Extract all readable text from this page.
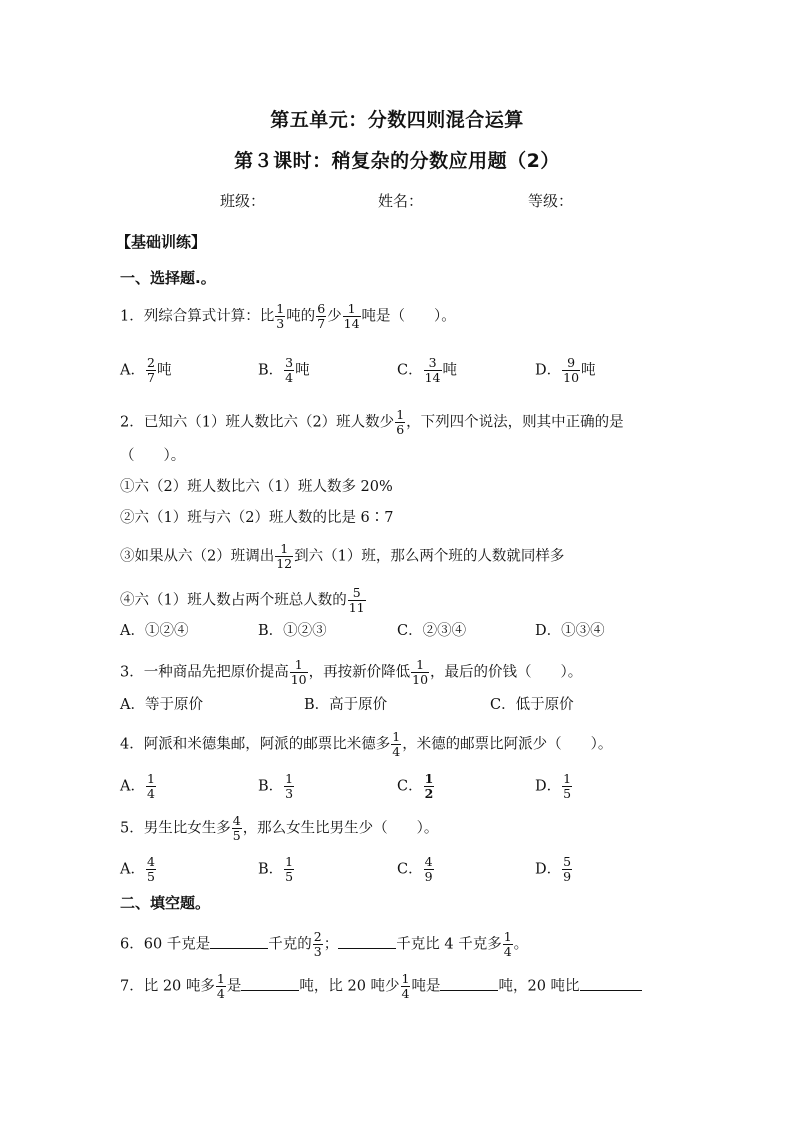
第五单元：分数四则混合运算
第３课时：稍复杂的分数应用题（2）
班级：	姓名：	等级：
【基础训练】
一、选择题.。
1．列综合算式计算：比 $\frac{1}{3}$ 吨的 $\frac{6}{7}$ 少 $\frac{1}{14}$ 吨是（　　）。
A． $\frac{2}{7}$ 吨	B． $\frac{3}{4}$ 吨	C． $\frac{3}{14}$ 吨	D． $\frac{9}{10}$ 吨
2．已知六（1）班人数比六（2）班人数少 $\frac{1}{6}$ ，下列四个说法，则其中正确的是
（　　）。
①六（2）班人数比六（1）班人数多 20%
②六（1）班与六（2）班人数的比是 6∶7
③如果从六（2）班调出 $\frac{1}{12}$ 到六（1）班，那么两个班的人数就同样多
④六（1）班人数占两个班总人数的 $\frac{5}{11}$
A．①②④	B．①②③	C．②③④	D．①③④
3．一种商品先把原价提高 $\frac{1}{10}$ ，再按新价降低 $\frac{1}{10}$ ，最后的价钱（　　）。
A．等于原价	B．高于原价	C．低于原价
4．阿派和米德集邮，阿派的邮票比米德多 $\frac{1}{4}$ ，米德的邮票比阿派少（　　）。
A． $\frac{1}{4}$	B． $\frac{1}{3}$	C． $\frac{1}{2}$	D． $\frac{1}{5}$
5．男生比女生多 $\frac{4}{5}$ ，那么女生比男生少（　　）。
A． $\frac{4}{5}$	B． $\frac{1}{5}$	C． $\frac{4}{9}$	D． $\frac{5}{9}$
二、填空题。
6．60 千克是	千克的 $\frac{2}{3}$ ；	千克比 4 千克多 $\frac{1}{4}$ 。
7．比 20 吨多 $\frac{1}{4}$ 是	吨，比 20 吨少 $\frac{1}{4}$ 吨是	吨，20 吨比
